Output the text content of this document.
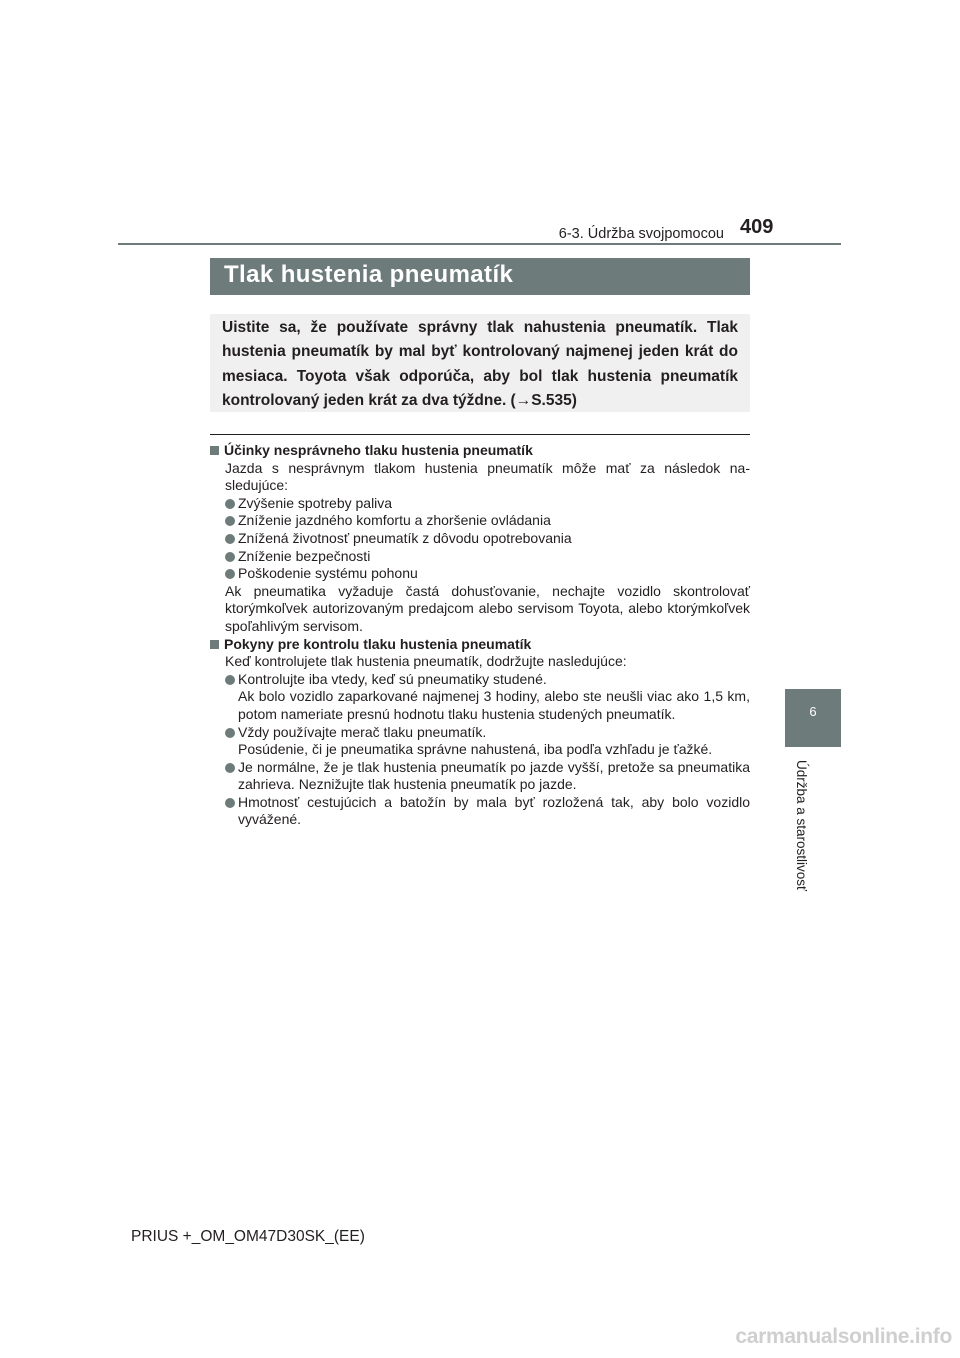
6-3. Údržba svojpomocou 409
6
Údržba a starostlivosť
Tlak hustenia pneumatík

Uistite sa, že používate správny tlak nahustenia pneumatík. Tlak hustenia pneumatík by mal byť kontrolovaný najmenej jeden krát do mesiaca. Toyota však odporúča, aby bol tlak hustenia pneumatík kontrolovaný jeden krát za dva týždne. (→S.535)

Účinky nesprávneho tlaku hustenia pneumatík

Jazda s nesprávnym tlakom hustenia pneumatík môže mať za následok nasledujúce:

Zvýšenie spotreby paliva

Zníženie jazdného komfortu a zhoršenie ovládania

Znížená životnosť pneumatík z dôvodu opotrebovania

Zníženie bezpečnosti

Poškodenie systému pohonu

Ak pneumatika vyžaduje častá dohusťovanie, nechajte vozidlo skontrolovať ktorýmkoľvek autorizovaným predajcom alebo servisom Toyota, alebo ktorýmkoľvek spoľahlivým servisom.

Pokyny pre kontrolu tlaku hustenia pneumatík

Keď kontrolujete tlak hustenia pneumatík, dodržujte nasledujúce:

Kontrolujte iba vtedy, keď sú pneumatiky studené.

Ak bolo vozidlo zaparkované najmenej 3 hodiny, alebo ste neušli viac ako 1,5 km, potom nameriate presnú hodnotu tlaku hustenia studených pneumatík.

Vždy používajte merač tlaku pneumatík.

Posúdenie, či je pneumatika správne nahustená, iba podľa vzhľadu je ťažké.

Je normálne, že je tlak hustenia pneumatík po jazde vyšší, pretože sa pneumatika zahrieva. Neznižujte tlak hustenia pneumatík po jazde.

Hmotnosť cestujúcich a batožín by mala byť rozložená tak, aby bolo vozidlo vyvážené.

PRIUS +_OM_OM47D30SK_(EE)
carmanualsonline.info
